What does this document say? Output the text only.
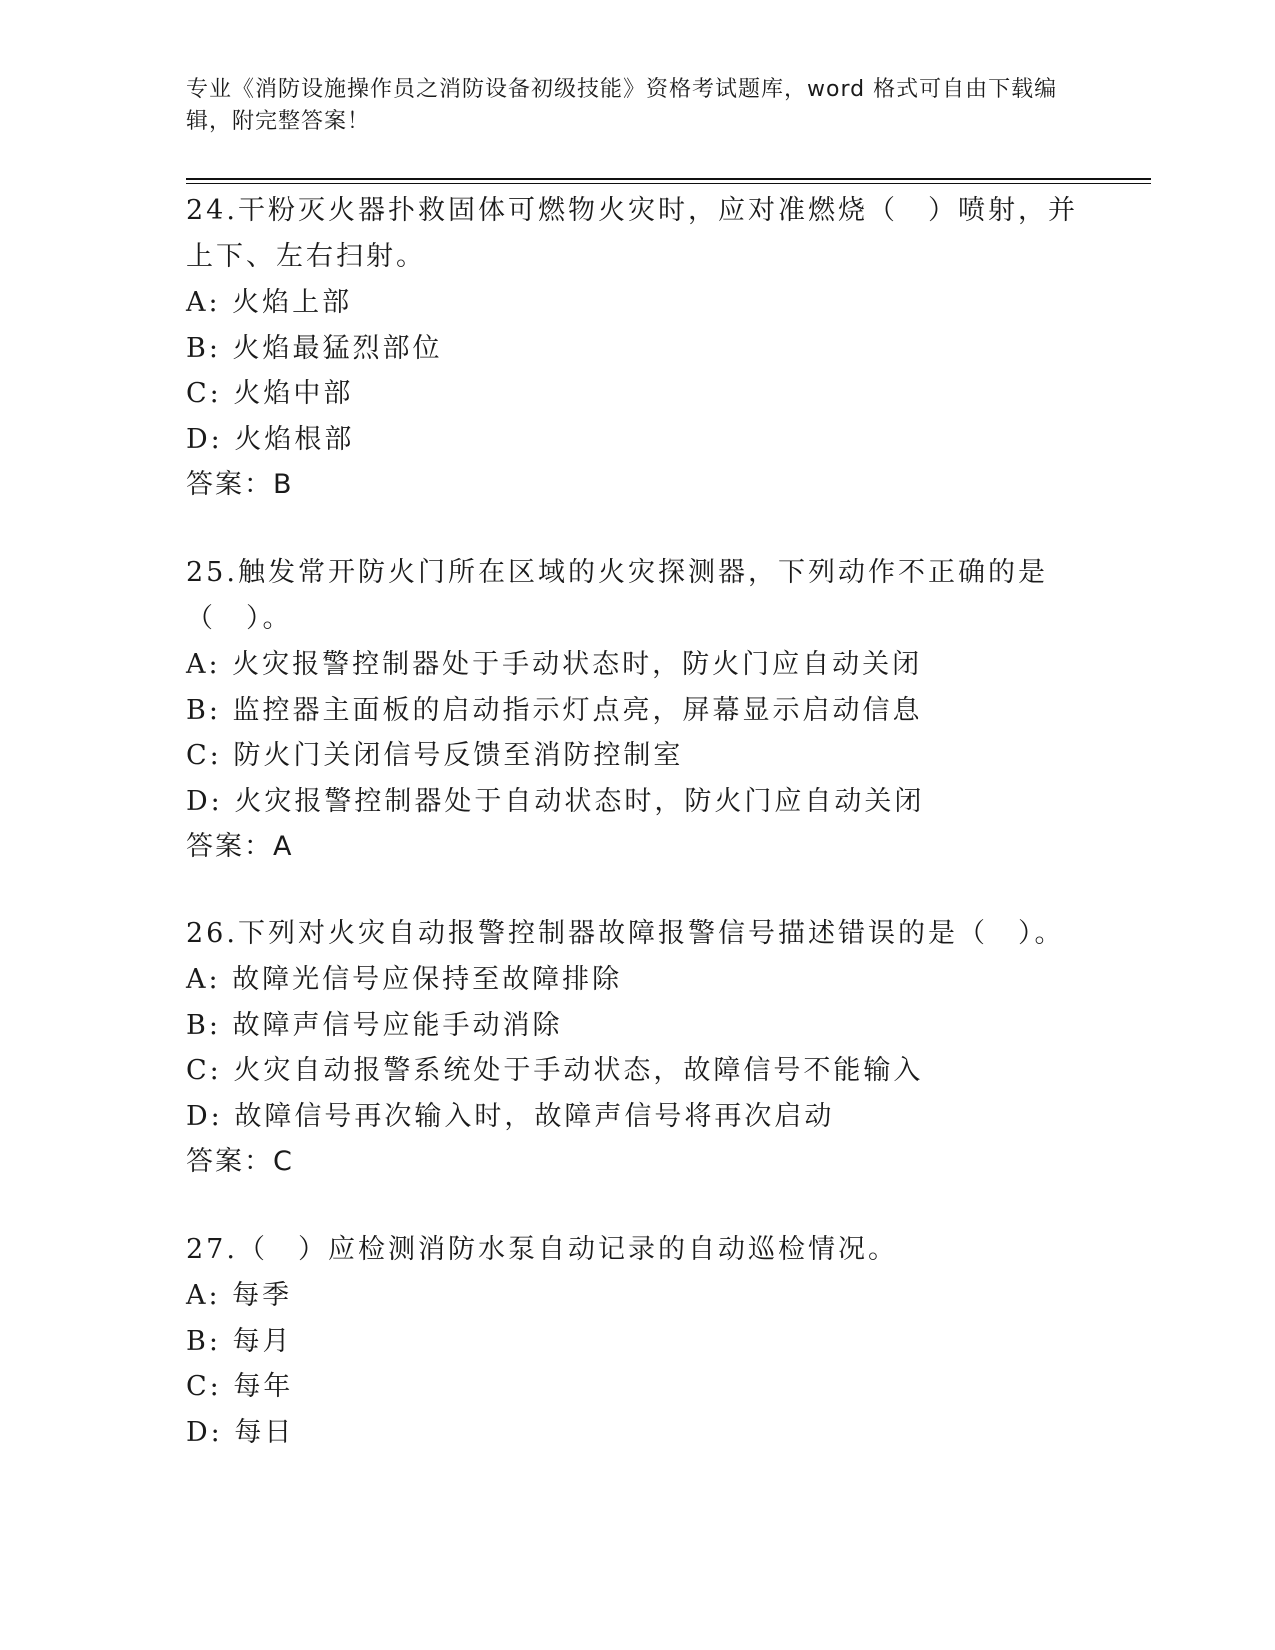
专业《消防设施操作员之消防设备初级技能》资格考试题库，word 格式可自由下载编辑，附完整答案！

24.干粉灭火器扑救固体可燃物火灾时，应对准燃烧（　）喷射，并上下、左右扫射。

A: 火焰上部

B: 火焰最猛烈部位

C: 火焰中部

D: 火焰根部

答案：B

25.触发常开防火门所在区域的火灾探测器，下列动作不正确的是（　）。

A: 火灾报警控制器处于手动状态时，防火门应自动关闭

B: 监控器主面板的启动指示灯点亮，屏幕显示启动信息

C: 防火门关闭信号反馈至消防控制室

D: 火灾报警控制器处于自动状态时，防火门应自动关闭

答案：A

26.下列对火灾自动报警控制器故障报警信号描述错误的是（　）。

A: 故障光信号应保持至故障排除

B: 故障声信号应能手动消除

C: 火灾自动报警系统处于手动状态，故障信号不能输入

D: 故障信号再次输入时，故障声信号将再次启动

答案：C

27.（　）应检测消防水泵自动记录的自动巡检情况。

A: 每季

B: 每月

C: 每年

D: 每日
